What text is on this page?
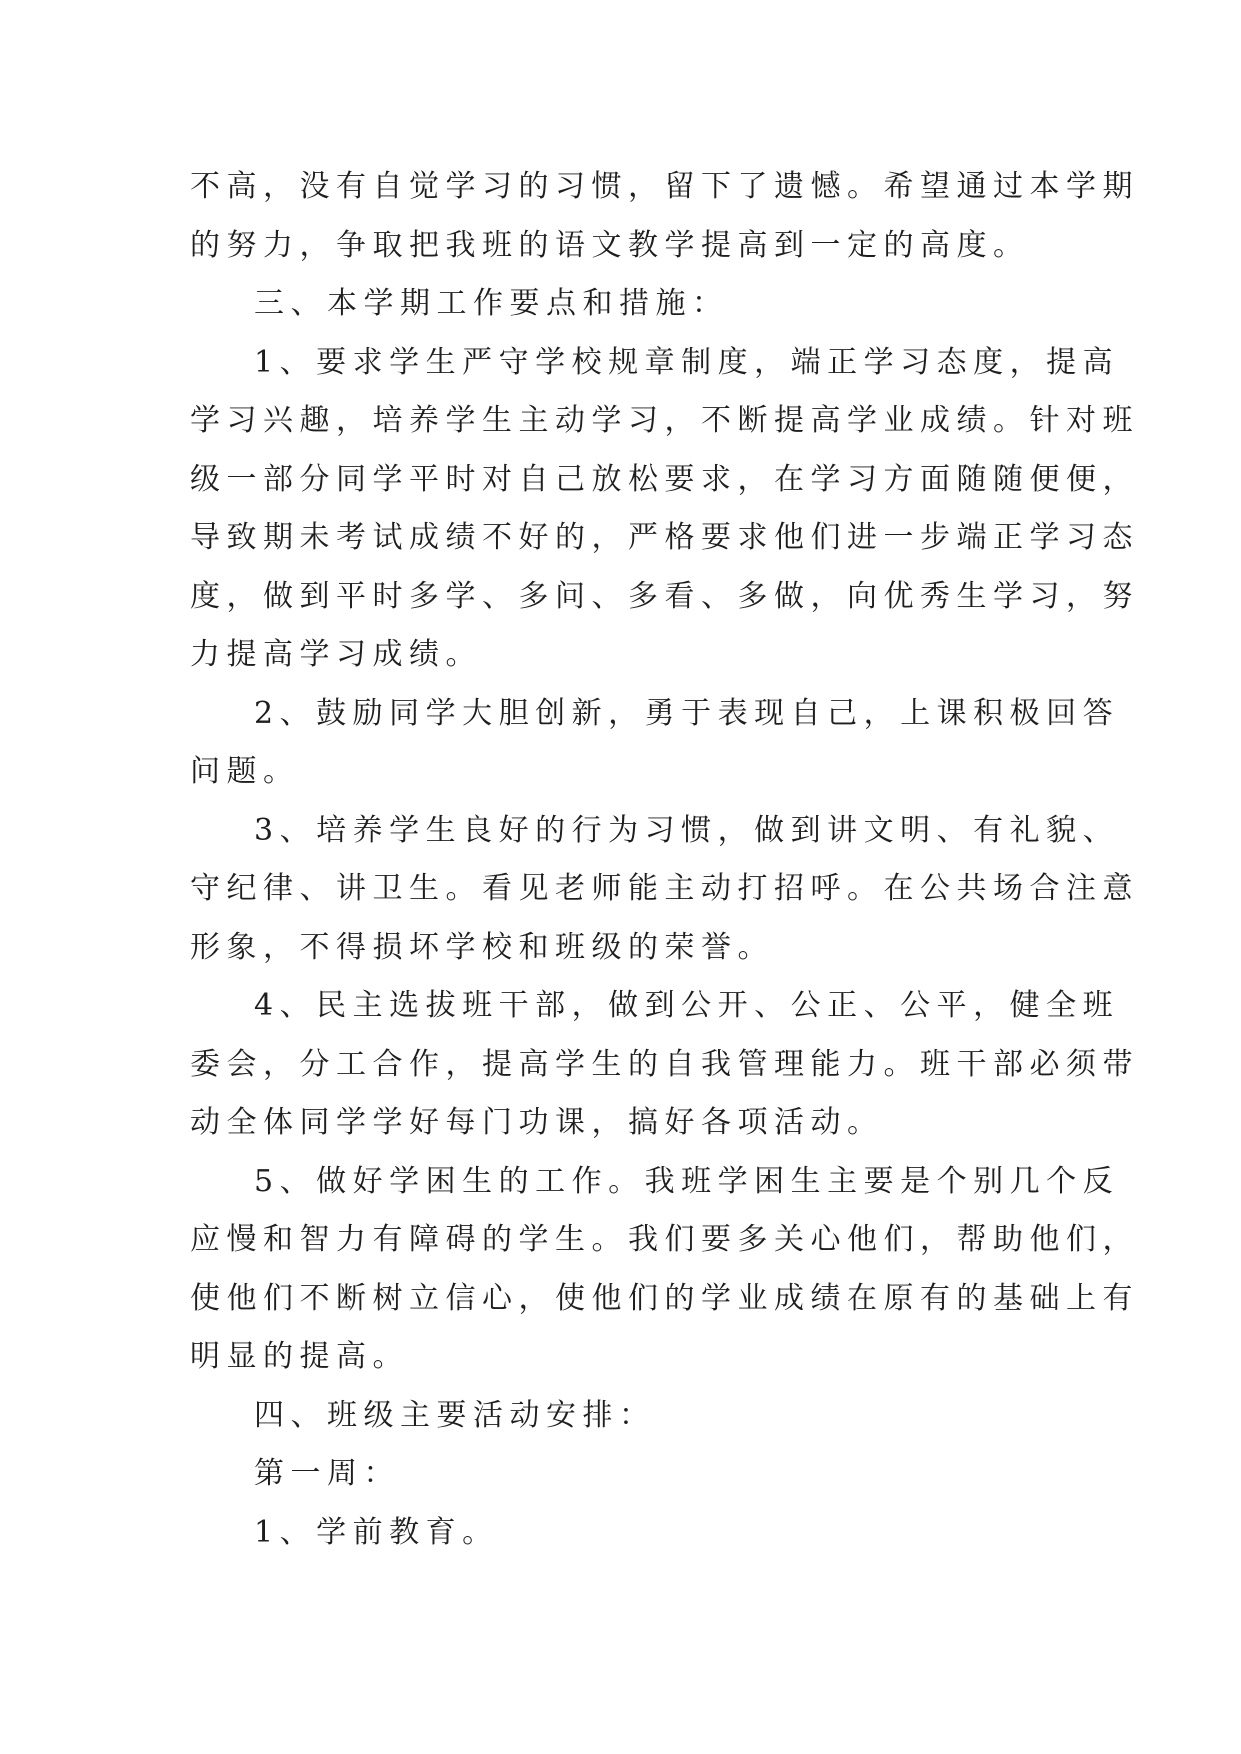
不高，没有自觉学习的习惯，留下了遗憾。希望通过本学期
的努力，争取把我班的语文教学提高到一定的高度。
三、本学期工作要点和措施：
1、要求学生严守学校规章制度，端正学习态度，提高
学习兴趣，培养学生主动学习，不断提高学业成绩。针对班
级一部分同学平时对自己放松要求，在学习方面随随便便，
导致期未考试成绩不好的，严格要求他们进一步端正学习态
度，做到平时多学、多问、多看、多做，向优秀生学习，努
力提高学习成绩。
2、鼓励同学大胆创新，勇于表现自己，上课积极回答
问题。
3、培养学生良好的行为习惯，做到讲文明、有礼貌、
守纪律、讲卫生。看见老师能主动打招呼。在公共场合注意
形象，不得损坏学校和班级的荣誉。
4、民主选拔班干部，做到公开、公正、公平，健全班
委会，分工合作，提高学生的自我管理能力。班干部必须带
动全体同学学好每门功课，搞好各项活动。
5、做好学困生的工作。我班学困生主要是个别几个反
应慢和智力有障碍的学生。我们要多关心他们，帮助他们，
使他们不断树立信心，使他们的学业成绩在原有的基础上有
明显的提高。
四、班级主要活动安排：
第一周：
1、学前教育。
